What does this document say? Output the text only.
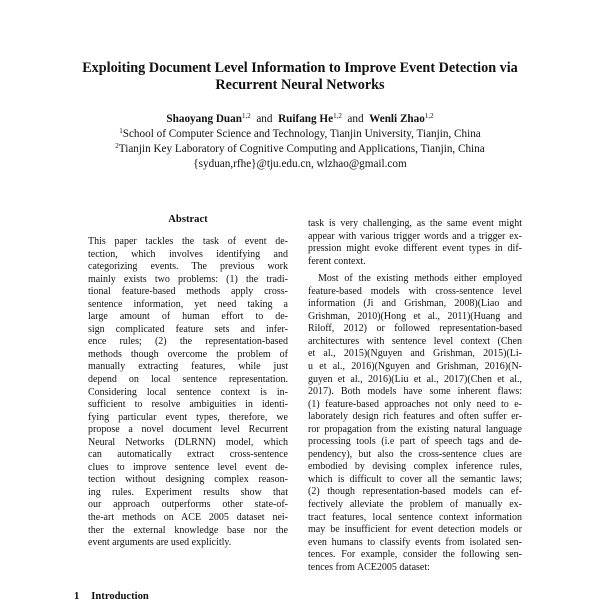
Exploiting Document Level Information to Improve Event Detection via
Recurrent Neural Networks
Shaoyang Duan$^{1,2}$ and Ruifang He$^{1,2}$ and Wenli Zhao$^{1,2}$
$^1$School of Computer Science and Technology, Tianjin University, Tianjin, China
$^2$Tianjin Key Laboratory of Cognitive Computing and Applications, Tianjin, China
{syduan,rfhe}@tju.edu.cn, wlzhao@gmail.com
Abstract
This paper tackles the task of event de-
tection, which involves identifying and
categorizing events. The previous work
mainly exists two problems: (1) the tradi-
tional feature-based methods apply cross-
sentence information, yet need taking a
large amount of human effort to de-
sign complicated feature sets and infer-
ence rules; (2) the representation-based
methods though overcome the problem of
manually extracting features, while just
depend on local sentence representation.
Considering local sentence context is in-
sufficient to resolve ambiguities in identi-
fying particular event types, therefore, we
propose a novel document level Recurrent
Neural Networks (DLRNN) model, which
can automatically extract cross-sentence
clues to improve sentence level event de-
tection without designing complex reason-
ing rules. Experiment results show that
our approach outperforms other state-of-
the-art methods on ACE 2005 dataset nei-
ther the external knowledge base nor the
event arguments are used explicitly.
task is very challenging, as the same event might
appear with various trigger words and a trigger ex-
pression might evoke different event types in dif-
ferent context.
Most of the existing methods either employed
feature-based models with cross-sentence level
information (Ji and Grishman, 2008)(Liao and
Grishman, 2010)(Hong et al., 2011)(Huang and
Riloff, 2012) or followed representation-based
architectures with sentence level context (Chen
et al., 2015)(Nguyen and Grishman, 2015)(Li-
u et al., 2016)(Nguyen and Grishman, 2016)(N-
guyen et al., 2016)(Liu et al., 2017)(Chen et al.,
2017). Both models have some inherent flaws:
(1) feature-based approaches not only need to e-
laborately design rich features and often suffer er-
ror propagation from the existing natural language
processing tools (i.e part of speech tags and de-
pendency), but also the cross-sentence clues are
embodied by devising complex inference rules,
which is difficult to cover all the semantic laws;
(2) though representation-based models can ef-
fectively alleviate the problem of manually ex-
tract features, local sentence context information
may be insufficient for event detection models or
even humans to classify events from isolated sen-
tences. For example, consider the following sen-
tences from ACE2005 dataset:
1 Introduction
